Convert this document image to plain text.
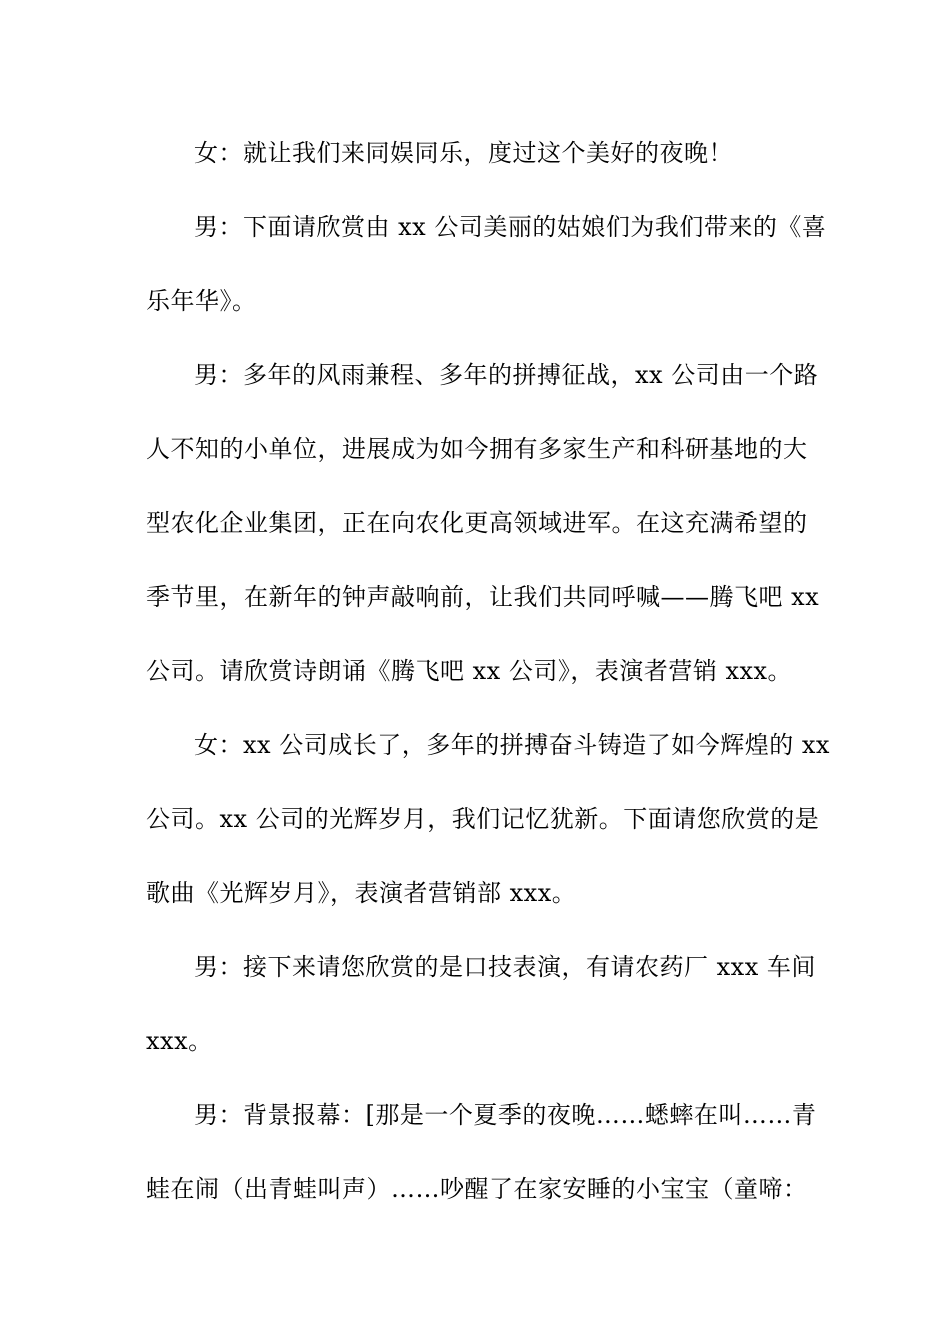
女：就让我们来同娱同乐，度过这个美好的夜晚！
男：下面请欣赏由 xx 公司美丽的姑娘们为我们带来的《喜
乐年华》。
男：多年的风雨兼程、多年的拼搏征战，xx 公司由一个路
人不知的小单位，进展成为如今拥有多家生产和科研基地的大
型农化企业集团，正在向农化更高领域进军。在这充满希望的
季节里，在新年的钟声敲响前，让我们共同呼喊——腾飞吧 xx
公司。请欣赏诗朗诵《腾飞吧 xx 公司》，表演者营销 xxx。
女：xx 公司成长了，多年的拼搏奋斗铸造了如今辉煌的 xx
公司。xx 公司的光辉岁月，我们记忆犹新。下面请您欣赏的是
歌曲《光辉岁月》，表演者营销部 xxx。
男：接下来请您欣赏的是口技表演，有请农药厂 xxx 车间
xxx。
男：背景报幕：[那是一个夏季的夜晚……蟋蟀在叫……青
蛙在闹（出青蛙叫声）……吵醒了在家安睡的小宝宝（童啼：
